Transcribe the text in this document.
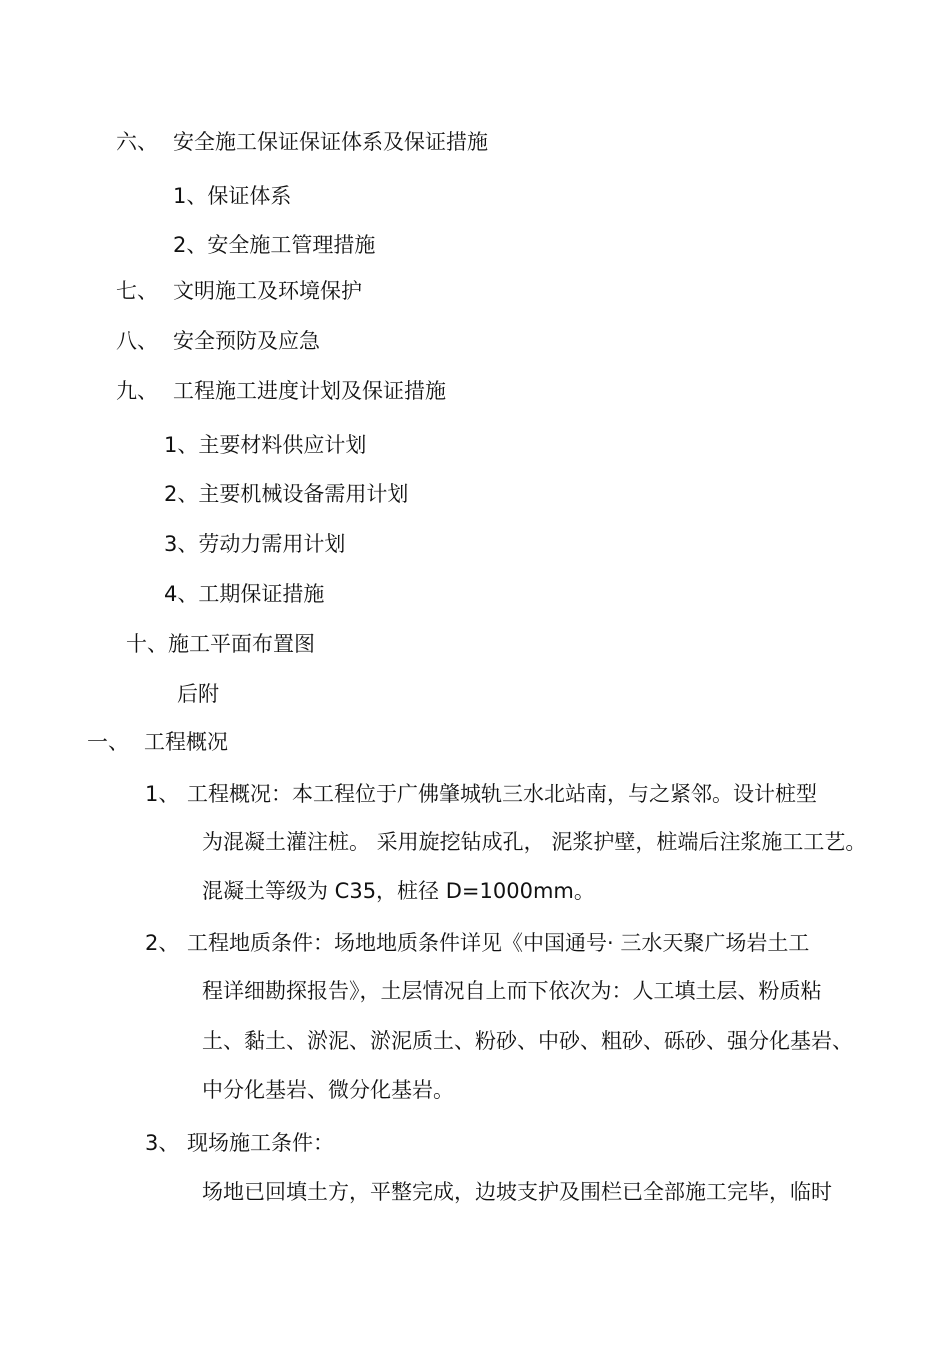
六、 安全施工保证保证体系及保证措施
1、保证体系
2、安全施工管理措施
七、 文明施工及环境保护
八、 安全预防及应急
九、 工程施工进度计划及保证措施
1、主要材料供应计划
2、主要机械设备需用计划
3、劳动力需用计划
4、工期保证措施
十、施工平面布置图
后附
一、 工程概况
1、 工程概况：本工程位于广佛肇城轨三水北站南，与之紧邻。设计桩型
为混凝土灌注桩。 采用旋挖钻成孔， 泥浆护壁，桩端后注浆施工工艺。
混凝土等级为 C35，桩径 D=1000mm。
2、 工程地质条件：场地地质条件详见《中国通号· 三水天聚广场岩土工
程详细勘探报告》，土层情况自上而下依次为：人工填土层、粉质粘
土、黏土、淤泥、淤泥质土、粉砂、中砂、粗砂、砾砂、强分化基岩、
中分化基岩、微分化基岩。
3、 现场施工条件：
场地已回填土方，平整完成，边坡支护及围栏已全部施工完毕，临时
